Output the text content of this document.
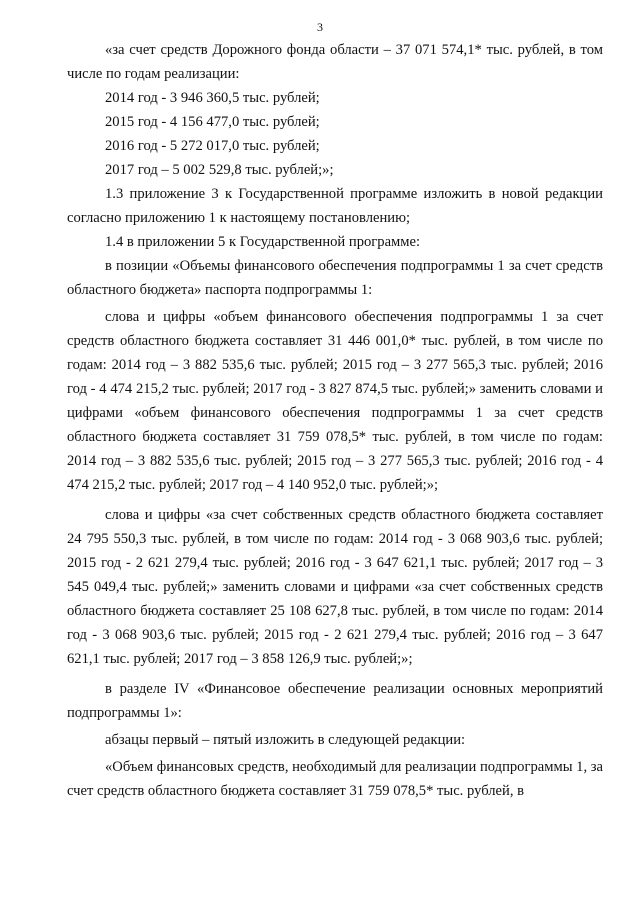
3

«за счет средств Дорожного фонда области – 37 071 574,1* тыс. рублей, в том числе по годам реализации:

2014 год - 3 946 360,5 тыс. рублей;

2015 год - 4 156 477,0 тыс. рублей;

2016 год - 5 272 017,0 тыс. рублей;

2017 год – 5 002 529,8 тыс. рублей;»;

1.3 приложение 3 к Государственной программе изложить в новой редакции согласно приложению 1 к настоящему постановлению;

1.4 в приложении 5 к Государственной программе:

в позиции «Объемы финансового обеспечения подпрограммы 1 за счет средств областного бюджета» паспорта подпрограммы 1:

слова и цифры «объем финансового обеспечения подпрограммы 1 за счет средств областного бюджета составляет 31 446 001,0* тыс. рублей, в том числе по годам: 2014 год – 3 882 535,6 тыс. рублей; 2015 год – 3 277 565,3 тыс. рублей; 2016 год - 4 474 215,2 тыс. рублей; 2017 год - 3 827 874,5 тыс. рублей;» заменить словами и цифрами «объем финансового обеспечения подпрограммы 1 за счет средств областного бюджета составляет 31 759 078,5* тыс. рублей, в том числе по годам: 2014 год – 3 882 535,6 тыс. рублей; 2015 год – 3 277 565,3 тыс. рублей; 2016 год - 4 474 215,2 тыс. рублей; 2017 год – 4 140 952,0 тыс. рублей;»;

слова и цифры «за счет собственных средств областного бюджета составляет 24 795 550,3 тыс. рублей, в том числе по годам: 2014 год - 3 068 903,6 тыс. рублей; 2015 год - 2 621 279,4 тыс. рублей; 2016 год - 3 647 621,1 тыс. рублей; 2017 год – 3 545 049,4 тыс. рублей;» заменить словами и цифрами «за счет собственных средств областного бюджета составляет 25 108 627,8 тыс. рублей, в том числе по годам: 2014 год - 3 068 903,6 тыс. рублей; 2015 год - 2 621 279,4 тыс. рублей; 2016 год – 3 647 621,1 тыс. рублей; 2017 год – 3 858 126,9 тыс. рублей;»;

в разделе IV «Финансовое обеспечение реализации основных мероприятий подпрограммы 1»:

абзацы первый – пятый изложить в следующей редакции:

«Объем финансовых средств, необходимый для реализации подпрограммы 1, за счет средств областного бюджета составляет 31 759 078,5* тыс. рублей, в
